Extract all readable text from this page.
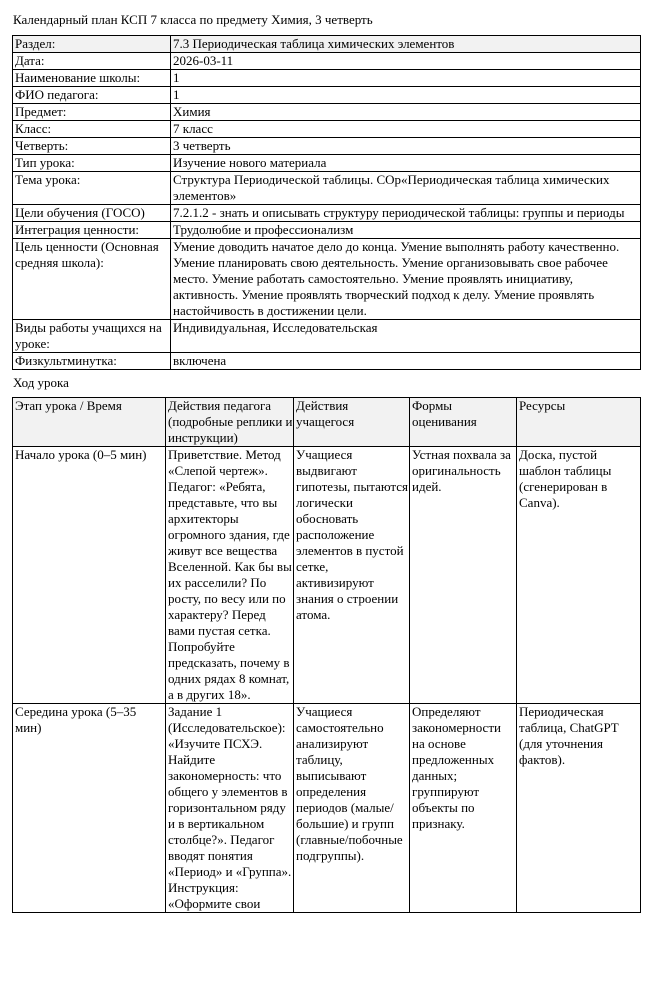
Календарный план КСП 7 класса по предмету Химия, 3 четверть
Раздел:	7.3 Периодическая таблица химических элементов
Дата:	2026-03-11
Наименование школы:	1
ФИО педагога:	1
Предмет:	Химия
Класс:	7 класс
Четверть:	3 четверть
Тип урока:	Изучение нового материала
Тема урока:	Структура Периодической таблицы. СОр«Периодическая таблица химических элементов»
Цели обучения (ГОСО)	7.2.1.2 - знать и описывать структуру периодической таблицы: группы и периоды
Интеграция ценности:	Трудолюбие и профессионализм
Цель ценности (Основная средняя школа):	Умение доводить начатое дело до конца. Умение выполнять работу качественно. Умение планировать свою деятельность. Умение организовывать свое рабочее место. Умение работать самостоятельно. Умение проявлять инициативу, активность. Умение проявлять творческий подход к делу. Умение проявлять настойчивость в достижении цели.
Виды работы учащихся на уроке:	Индивидуальная, Исследовательская
Физкультминутка:	включена
Ход урока
Этап урока / Время	Действия педагога (подробные реплики и инструкции)	Действия учащегося	Формы оценивания	Ресурсы
Начало урока (0–5 мин)	Приветствие. Метод «Слепой чертеж». Педагог: «Ребята, представьте, что вы архитекторы огромного здания, где живут все вещества Вселенной. Как бы вы их расселили? По росту, по весу или по характеру? Перед вами пустая сетка. Попробуйте предсказать, почему в одних рядах 8 комнат, а в других 18».	Учащиеся выдвигают гипотезы, пытаются логически обосновать расположение элементов в пустой сетке, активизируют знания о строении атома.	Устная похвала за оригинальность идей.	Доска, пустой шаблон таблицы (сгенерирован в Canva).
Середина урока (5–35 мин)	Задание 1 (Исследовательское): «Изучите ПСХЭ. Найдите закономерность: что общего у элементов в горизонтальном ряду и в вертикальном столбце?». Педагог вводят понятия «Период» и «Группа». Инструкция: «Оформите свои	Учащиеся самостоятельно анализируют таблицу, выписывают определения периодов (малые/большие) и групп (главные/побочные подгруппы).	Определяют закономерности на основе предложенных данных; группируют объекты по признаку.	Периодическая таблица, ChatGPT (для уточнения фактов).
